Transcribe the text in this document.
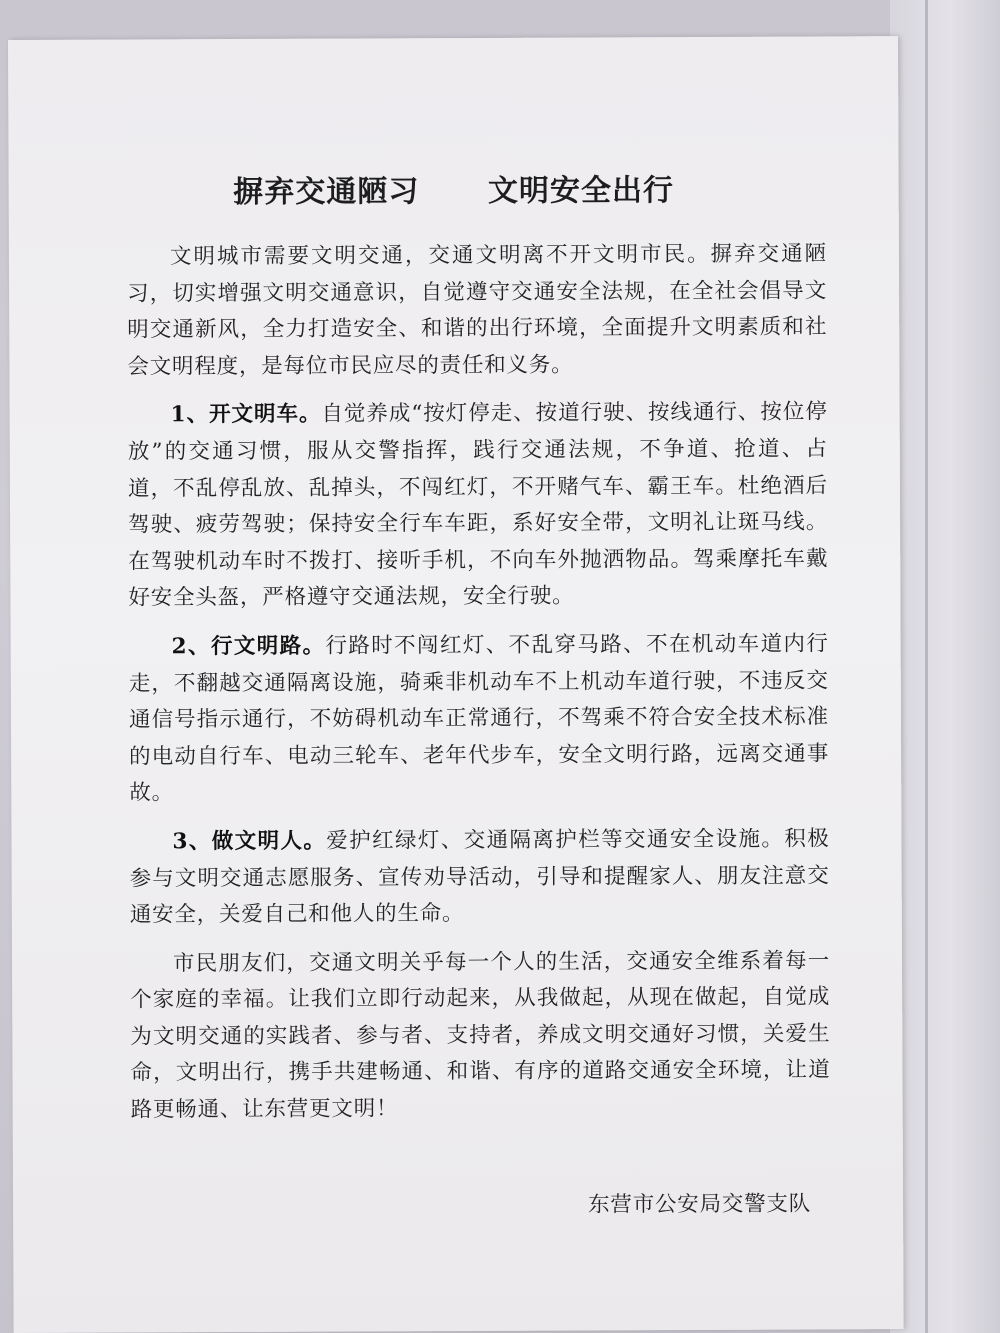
摒弃交通陋习      文明安全出行

文明城市需要文明交通，交通文明离不开文明市民。摒弃交通陋习，切实增强文明交通意识，自觉遵守交通安全法规，在全社会倡导文明交通新风，全力打造安全、和谐的出行环境，全面提升文明素质和社会文明程度，是每位市民应尽的责任和义务。

1、开文明车。自觉养成“按灯停走、按道行驶、按线通行、按位停放”的交通习惯，服从交警指挥，践行交通法规，不争道、抢道、占道，不乱停乱放、乱掉头，不闯红灯，不开赌气车、霸王车。杜绝酒后驾驶、疲劳驾驶；保持安全行车车距，系好安全带，文明礼让斑马线。在驾驶机动车时不拨打、接听手机，不向车外抛洒物品。驾乘摩托车戴好安全头盔，严格遵守交通法规，安全行驶。

2、行文明路。行路时不闯红灯、不乱穿马路、不在机动车道内行走，不翻越交通隔离设施，骑乘非机动车不上机动车道行驶，不违反交通信号指示通行，不妨碍机动车正常通行，不驾乘不符合安全技术标准的电动自行车、电动三轮车、老年代步车，安全文明行路，远离交通事故。

3、做文明人。爱护红绿灯、交通隔离护栏等交通安全设施。积极参与文明交通志愿服务、宣传劝导活动，引导和提醒家人、朋友注意交通安全，关爱自己和他人的生命。

市民朋友们，交通文明关乎每一个人的生活，交通安全维系着每一个家庭的幸福。让我们立即行动起来，从我做起，从现在做起，自觉成为文明交通的实践者、参与者、支持者，养成文明交通好习惯，关爱生命，文明出行，携手共建畅通、和谐、有序的道路交通安全环境，让道路更畅通、让东营更文明！

东营市公安局交警支队
